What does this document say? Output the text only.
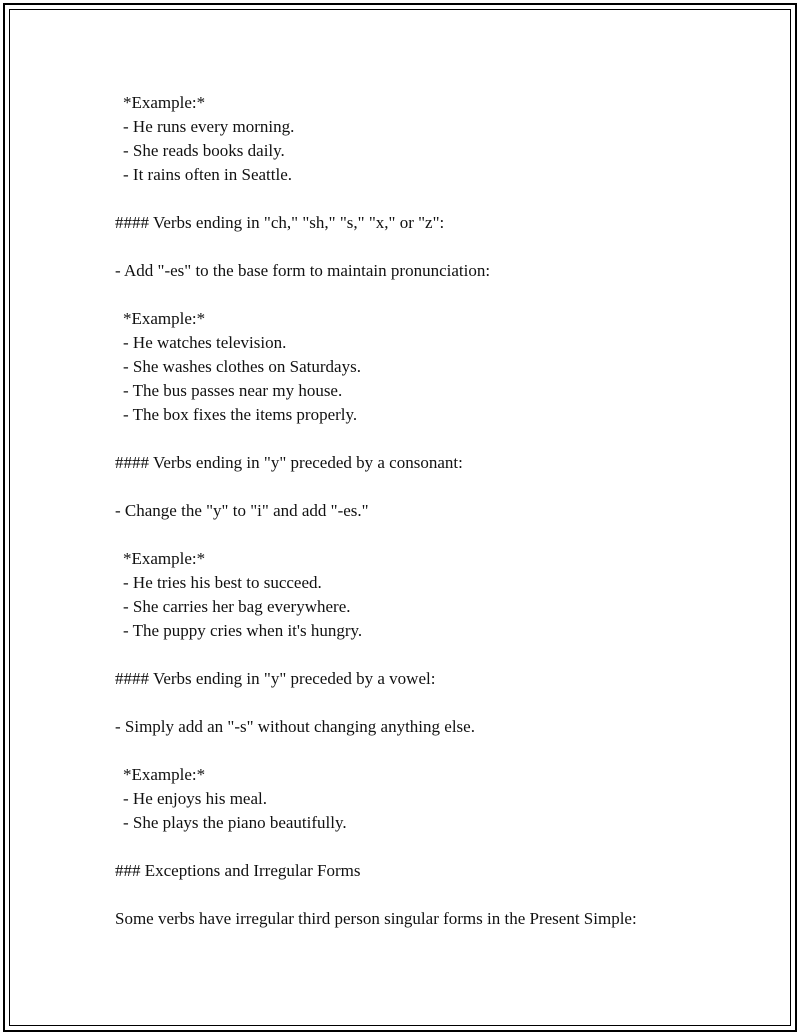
*Example:*
- He runs every morning.
- She reads books daily.
- It rains often in Seattle.
#### Verbs ending in "ch," "sh," "s," "x," or "z":
- Add "-es" to the base form to maintain pronunciation:
*Example:*
- He watches television.
- She washes clothes on Saturdays.
- The bus passes near my house.
- The box fixes the items properly.
#### Verbs ending in "y" preceded by a consonant:
- Change the "y" to "i" and add "-es."
*Example:*
- He tries his best to succeed.
- She carries her bag everywhere.
- The puppy cries when it's hungry.
#### Verbs ending in "y" preceded by a vowel:
- Simply add an "-s" without changing anything else.
*Example:*
- He enjoys his meal.
- She plays the piano beautifully.
### Exceptions and Irregular Forms
Some verbs have irregular third person singular forms in the Present Simple:
